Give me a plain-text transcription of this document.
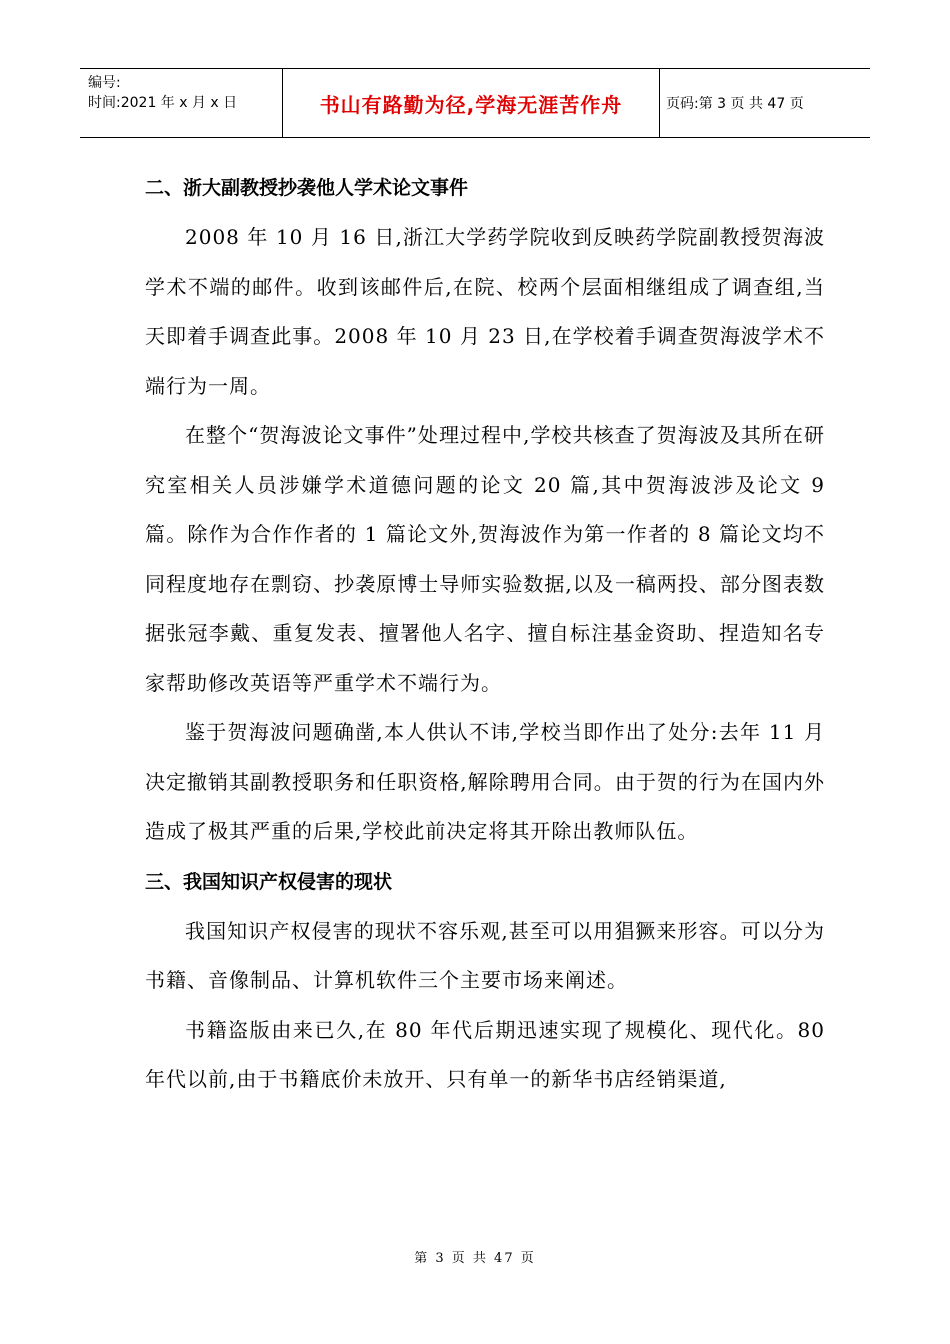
编号:
时间:2021 年 x 月 x 日	书山有路勤为径,学海无涯苦作舟	页码:第 3 页 共 47 页
二、浙大副教授抄袭他人学术论文事件
2008 年 10 月 16 日,浙江大学药学院收到反映药学院副教授贺海波学术不端的邮件。收到该邮件后,在院、校两个层面相继组成了调查组,当天即着手调查此事。2008 年 10 月 23 日,在学校着手调查贺海波学术不端行为一周。
在整个“贺海波论文事件”处理过程中,学校共核查了贺海波及其所在研究室相关人员涉嫌学术道德问题的论文 20 篇,其中贺海波涉及论文 9 篇。除作为合作作者的 1 篇论文外,贺海波作为第一作者的 8 篇论文均不同程度地存在剽窃、抄袭原博士导师实验数据,以及一稿两投、部分图表数据张冠李戴、重复发表、擅署他人名字、擅自标注基金资助、捏造知名专家帮助修改英语等严重学术不端行为。
鉴于贺海波问题确凿,本人供认不讳,学校当即作出了处分:去年 11 月决定撤销其副教授职务和任职资格,解除聘用合同。由于贺的行为在国内外造成了极其严重的后果,学校此前决定将其开除出教师队伍。
三、我国知识产权侵害的现状
我国知识产权侵害的现状不容乐观,甚至可以用猖獗来形容。可以分为书籍、音像制品、计算机软件三个主要市场来阐述。
书籍盗版由来已久,在 80 年代后期迅速实现了规模化、现代化。80 年代以前,由于书籍底价未放开、只有单一的新华书店经销渠道,
第 3 页 共 47 页
